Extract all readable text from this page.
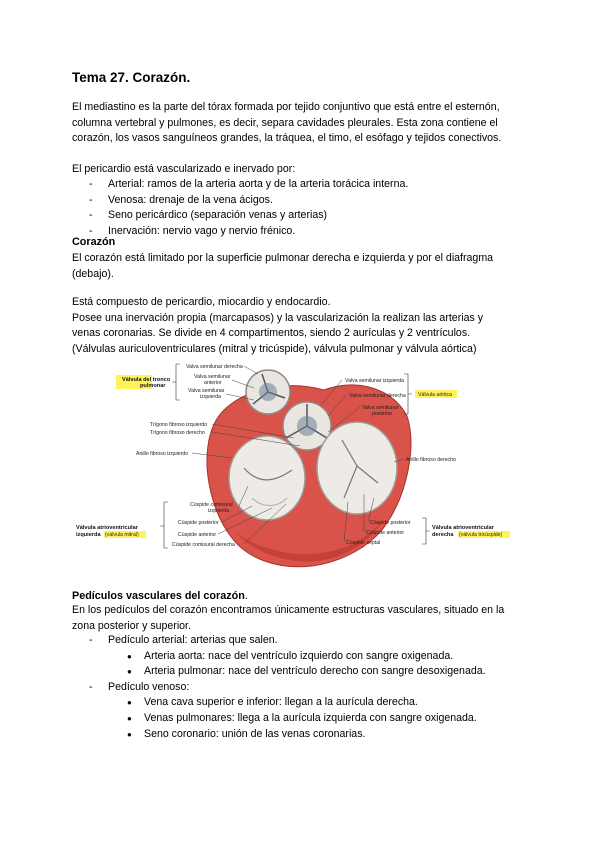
Tema 27. Corazón.

El mediastino es la parte del tórax formada por tejido conjuntivo que está entre el esternón,

columna vertebral y pulmones, es decir, separa cavidades pleurales. Esta zona contiene el

corazón, los vasos sanguíneos grandes, la tráquea, el timo, el esófago y tejidos conectivos.

El pericardio está vascularizado e inervado por:
- Arterial: ramos de la arteria aorta y de la arteria torácica interna.
- Venosa: drenaje de la vena ácigos.
- Seno pericárdico (separación venas y arterias)
- Inervación: nervio vago y nervio frénico.
Corazón

El corazón está limitado por la superficie pulmonar derecha e izquierda y por el diafragma

(debajo).

Está compuesto de pericardio, miocardio y endocardio.

Posee una inervación propia (marcapasos) y la vascularización la realizan las arterias y

venas coronarias. Se divide en 4 compartimentos, siendo 2 aurículas y 2 ventrículos.

(Válvulas auriculoventriculares (mitral y tricúspide), válvula pulmonar y válvula aórtica)

Válvula del tronco
pulmonar
Valva semilunar derecha
Valva semilunar
anterior
Valva semilunar
izquierda
Trígono fibroso izquierdo
Trígono fibroso derecho
Anillo fibroso izquierdo
Valva semilunar izquierda
Valva semilunar derecha
Valva semilunar
posterior
Válvula aórtica
Anillo fibroso derecho
Cúspide comisural
izquierda
Cúspide posterior
Cúspide anterior
Cúspide comisural derecha
Válvula atrioventricular
izquierda (válvula mitral)
Cúspide posterior
Cúspide anterior
Cúspide septal
Válvula atrioventricular
derecha (válvula tricúspide)
Pedículos vasculares del corazón.

En los pedículos del corazón encontramos únicamente estructuras vasculares, situado en la

zona posterior y superior.

- Pedículo arterial: arterias que salen.
● Arteria aorta: nace del ventrículo izquierdo con sangre oxigenada.
● Arteria pulmonar: nace del ventrículo derecho con sangre desoxigenada.
- Pedículo venoso:
● Vena cava superior e inferior: llegan a la aurícula derecha.
● Venas pulmonares: llega a la aurícula izquierda con sangre oxigenada.
● Seno coronario: unión de las venas coronarias.
